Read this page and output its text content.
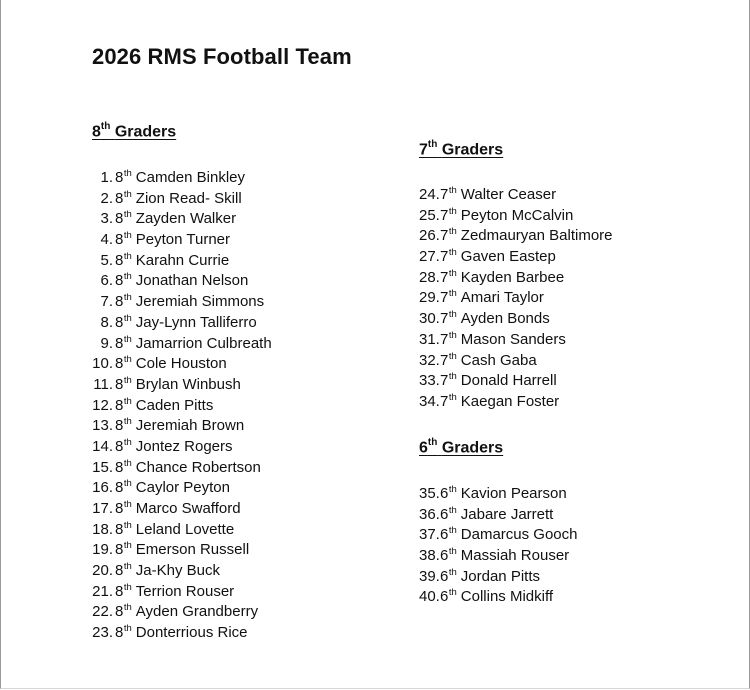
2026 RMS Football Team
8th Graders
1. 8th Camden Binkley
2. 8th Zion Read- Skill
3. 8th Zayden Walker
4. 8th Peyton Turner
5. 8th Karahn Currie
6. 8th Jonathan Nelson
7. 8th Jeremiah Simmons
8. 8th Jay-Lynn Talliferro
9. 8th Jamarrion Culbreath
10. 8th Cole Houston
11. 8th Brylan Winbush
12. 8th Caden Pitts
13. 8th Jeremiah Brown
14. 8th Jontez Rogers
15. 8th Chance Robertson
16. 8th Caylor Peyton
17. 8th Marco Swafford
18. 8th Leland Lovette
19. 8th Emerson Russell
20. 8th Ja-Khy Buck
21. 8th Terrion Rouser
22. 8th Ayden Grandberry
23. 8th Donterrious Rice
7th Graders
24.7th Walter Ceaser
25.7th Peyton McCalvin
26.7th Zedmauryan Baltimore
27.7th Gaven Eastep
28.7th Kayden Barbee
29.7th Amari Taylor
30.7th Ayden Bonds
31.7th Mason Sanders
32.7th Cash Gaba
33.7th Donald Harrell
34.7th Kaegan Foster
6th Graders
35.6th Kavion Pearson
36.6th Jabare Jarrett
37.6th Damarcus Gooch
38.6th Massiah Rouser
39.6th Jordan Pitts
40.6th Collins Midkiff
